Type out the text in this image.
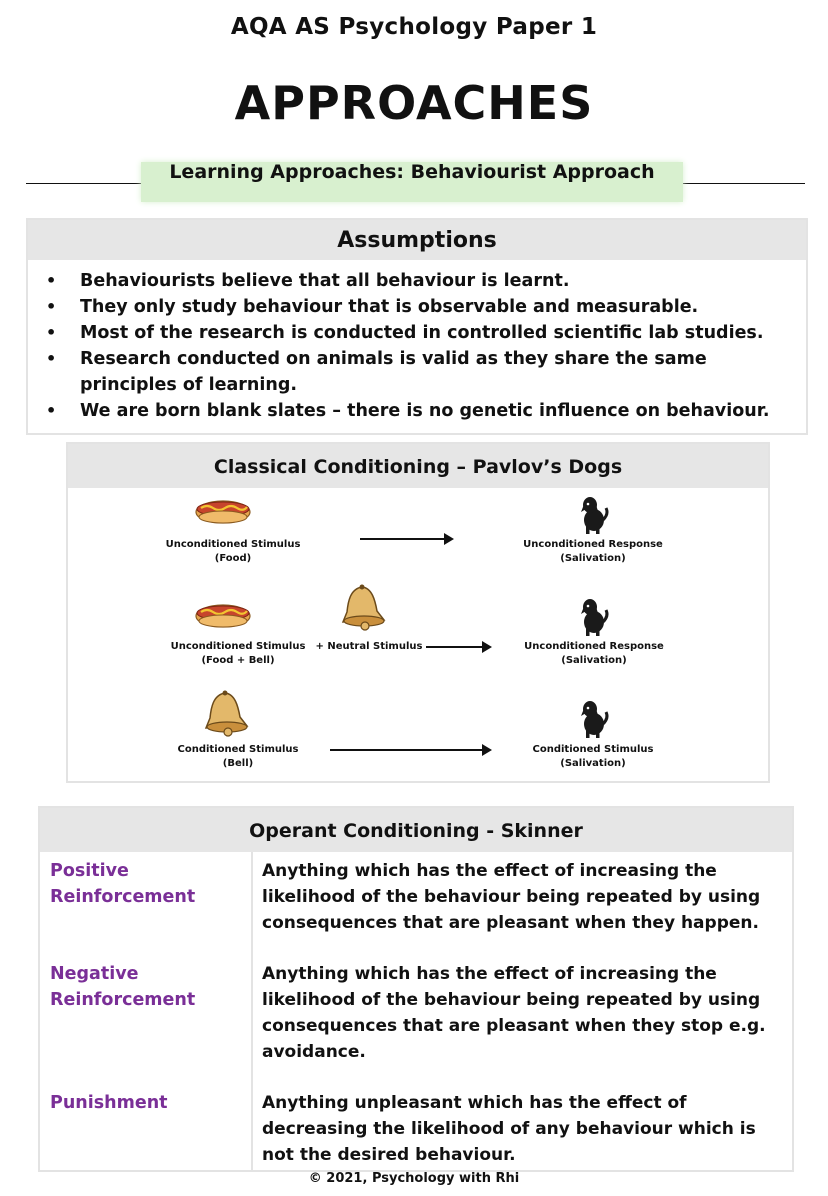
AQA AS Psychology Paper 1
APPROACHES
Learning Approaches: Behaviourist Approach
Assumptions
• Behaviourists believe that all behaviour is learnt.
• They only study behaviour that is observable and measurable.
• Most of the research is conducted in controlled scientific lab studies.
• Research conducted on animals is valid as they share the same principles of learning.
• We are born blank slates – there is no genetic influence on behaviour.
Classical Conditioning – Pavlov’s Dogs
Unconditioned Stimulus
(Food)
Unconditioned Response
(Salivation)
Unconditioned Stimulus
(Food + Bell)
+ Neutral Stimulus	Unconditioned Response
(Salivation)
Conditioned Stimulus
(Bell)
Conditioned Stimulus
(Salivation)
Operant Conditioning - Skinner
Positive
Reinforcement
Anything which has the effect of increasing the likelihood of the behaviour being repeated by using consequences that are pleasant when they happen.
Negative
Reinforcement
Anything which has the effect of increasing the likelihood of the behaviour being repeated by using consequences that are pleasant when they stop e.g. avoidance.
Punishment	Anything unpleasant which has the effect of decreasing the likelihood of any behaviour which is not the desired behaviour.
© 2021, Psychology with Rhi
